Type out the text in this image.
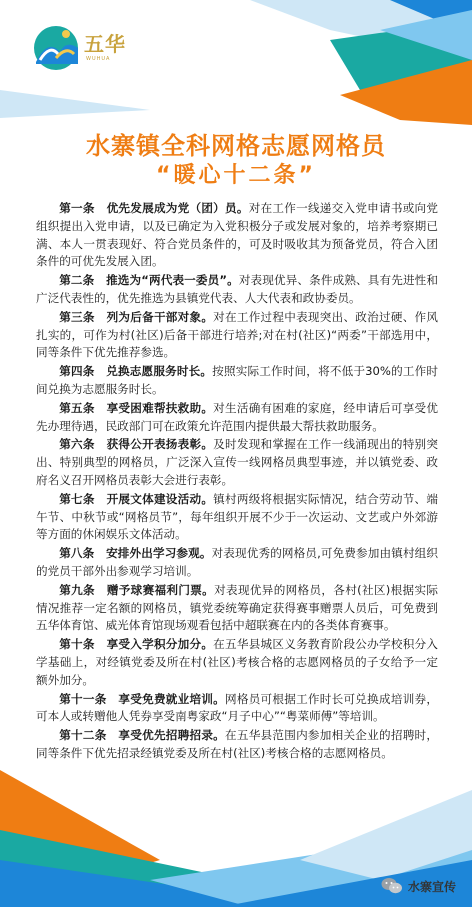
五华
WUHUA
水寨镇全科网格志愿网格员
“暖心十二条”

第一条　优先发展成为党（团）员。对在工作一线递交入党申请书或向党组织提出入党申请，以及已确定为入党积极分子或发展对象的，培养考察期已满、本人一贯表现好、符合党员条件的，可及时吸收其为预备党员，符合入团条件的可优先发展入团。

第二条　推选为“两代表一委员”。对表现优异、条件成熟、具有先进性和广泛代表性的，优先推选为县镇党代表、人大代表和政协委员。

第三条　列为后备干部对象。对在工作过程中表现突出、政治过硬、作风扎实的，可作为村(社区)后备干部进行培养;对在村(社区)“两委”干部选用中，同等条件下优先推荐参选。

第四条　兑换志愿服务时长。按照实际工作时间，将不低于30%的工作时间兑换为志愿服务时长。

第五条　享受困难帮扶救助。对生活确有困难的家庭，经申请后可享受优先办理待遇，民政部门可在政策允许范围内提供最大帮扶救助服务。

第六条　获得公开表扬表彰。及时发现和掌握在工作一线涌现出的特别突出、特别典型的网格员，广泛深入宣传一线网格员典型事迹，并以镇党委、政府名义召开网格员表彰大会进行表彰。

第七条　开展文体建设活动。镇村两级将根据实际情况，结合劳动节、端午节、中秋节或“网格员节”，每年组织开展不少于一次运动、文艺或户外郊游等方面的休闲娱乐文体活动。

第八条　安排外出学习参观。对表现优秀的网格员,可免费参加由镇村组织的党员干部外出参观学习培训。

第九条　赠予球赛福利门票。对表现优异的网格员，各村(社区)根据实际情况推荐一定名额的网格员，镇党委统筹确定获得赛事赠票人员后，可免费到五华体育馆、威光体育馆现场观看包括中超联赛在内的各类体育赛事。

第十条　享受入学积分加分。在五华县城区义务教育阶段公办学校积分入学基础上，对经镇党委及所在村(社区)考核合格的志愿网格员的子女给予一定额外加分。

第十一条　享受免费就业培训。网格员可根据工作时长可兑换成培训券，可本人或转赠他人凭券享受南粤家政“月子中心”“粤菜师傅”等培训。

第十二条　享受优先招聘招录。在五华县范围内参加相关企业的招聘时，同等条件下优先招录经镇党委及所在村(社区)考核合格的志愿网格员。

水寨宣传
